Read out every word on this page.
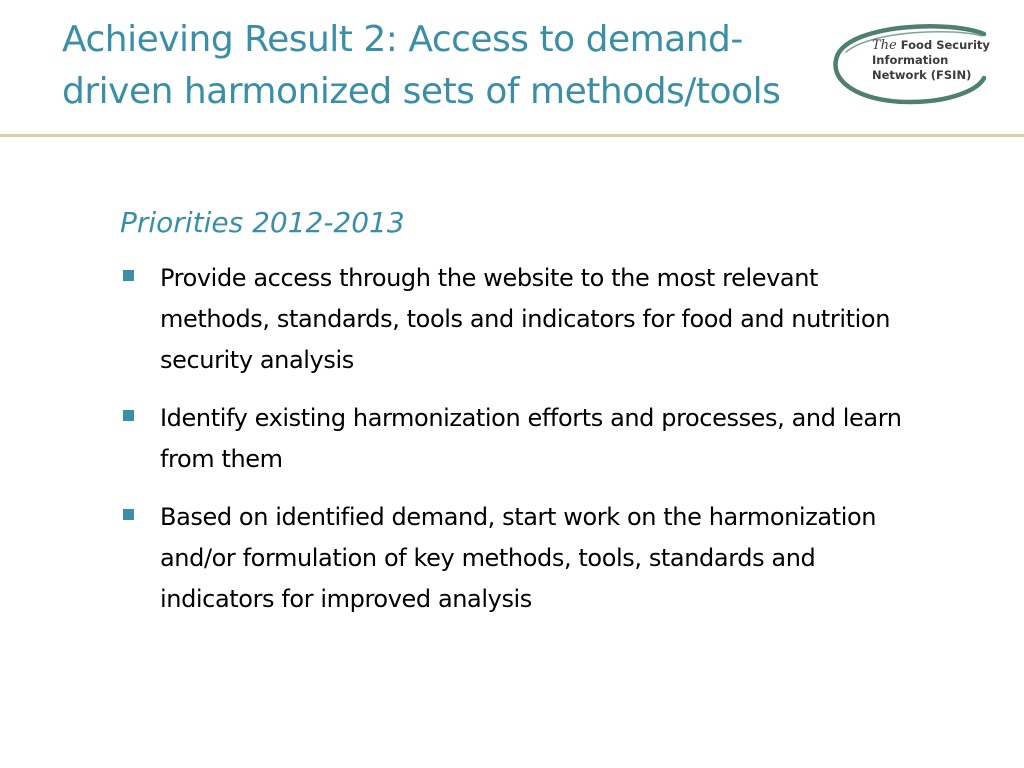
Achieving Result 2: Access to demand-
driven harmonized sets of methods/tools
The Food Security
Information
Network (FSIN)
Priorities 2012-2013
Provide access through the website to the most relevant methods, standards, tools and indicators for food and nutrition security analysis
Identify existing harmonization efforts and processes, and learn from them
Based on identified demand, start work on the harmonization and/or formulation of key methods, tools, standards and indicators for improved analysis
